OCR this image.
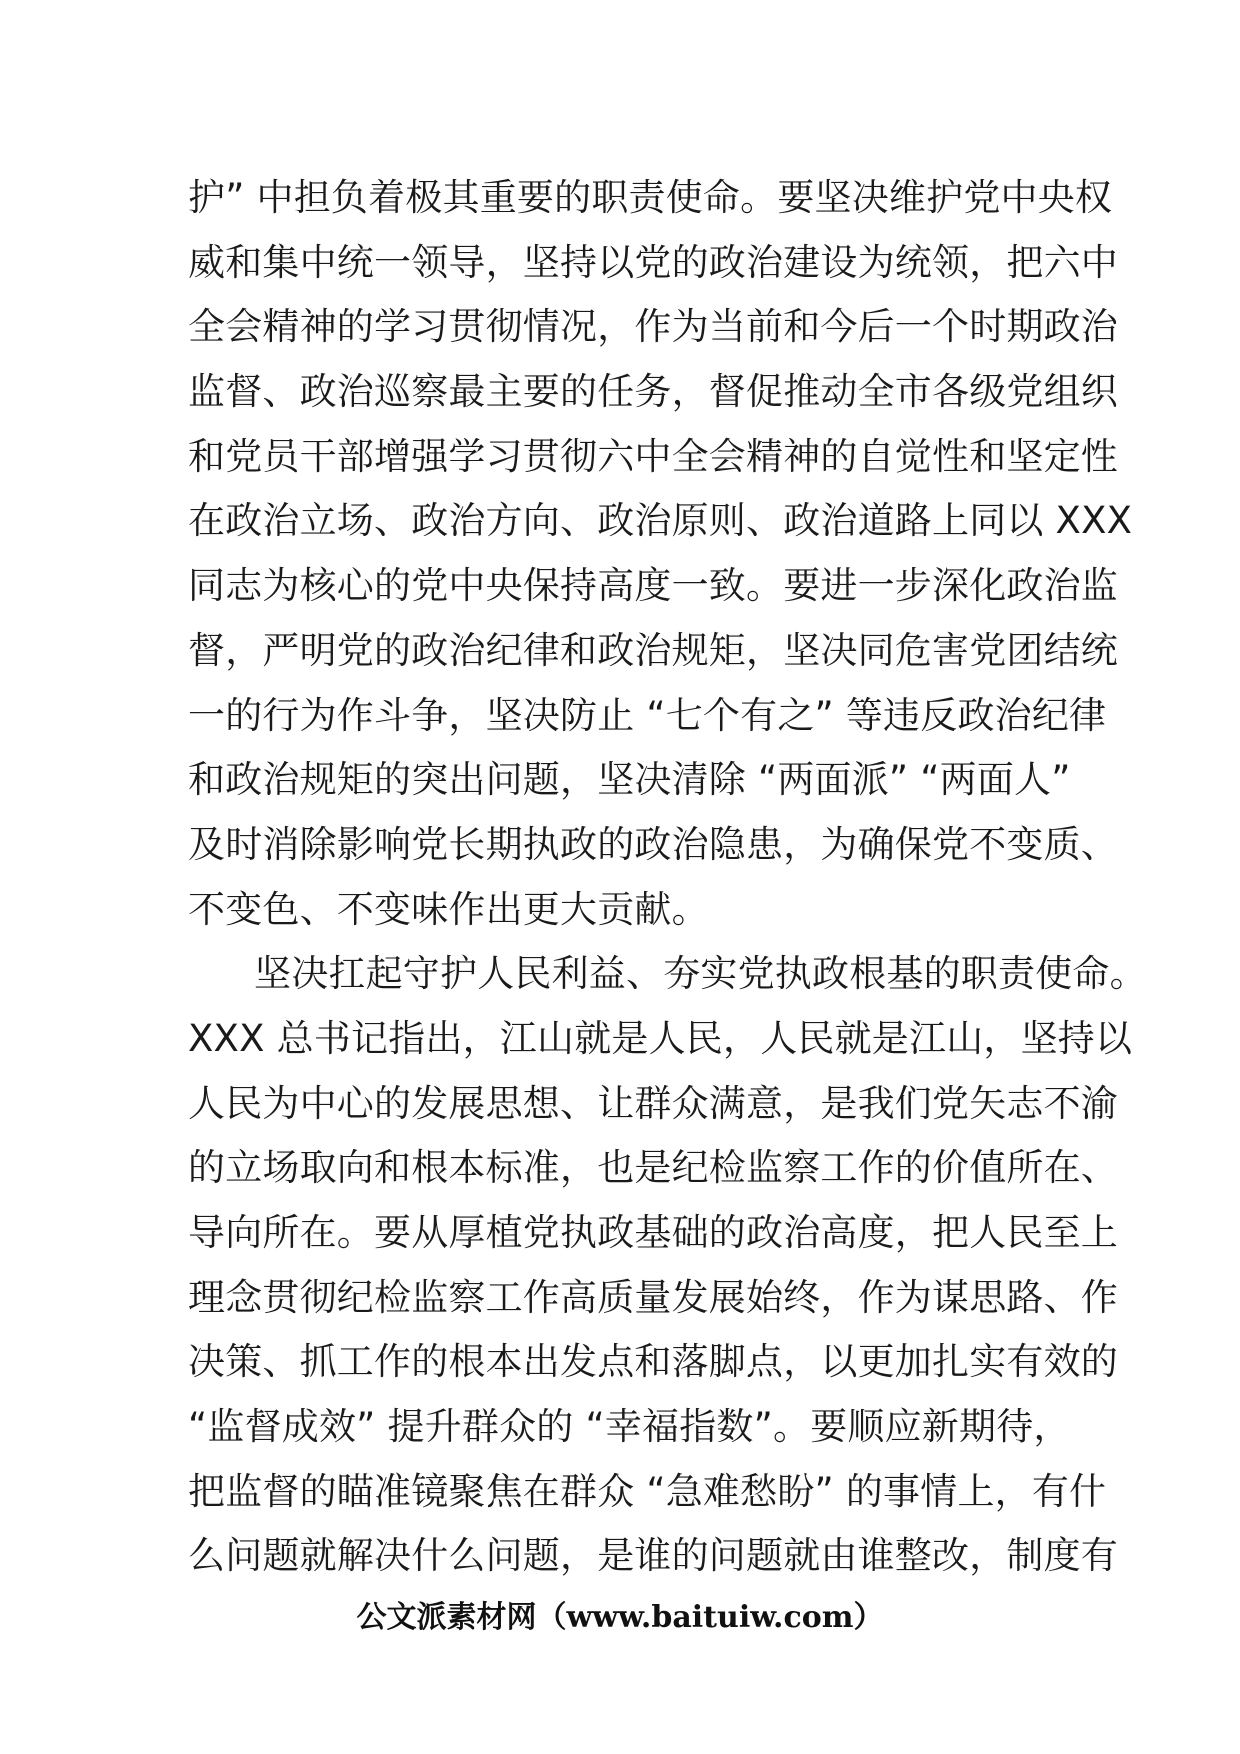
护” 中担负着极其重要的职责使命。要坚决维护党中央权
威和集中统一领导，坚持以党的政治建设为统领，把六中
全会精神的学习贯彻情况，作为当前和今后一个时期政治
监督、政治巡察最主要的任务，督促推动全市各级党组织
和党员干部增强学习贯彻六中全会精神的自觉性和坚定性
在政治立场、政治方向、政治原则、政治道路上同以 XXX
同志为核心的党中央保持高度一致。要进一步深化政治监
督，严明党的政治纪律和政治规矩，坚决同危害党团结统
一的行为作斗争，坚决防止 “七个有之” 等违反政治纪律
和政治规矩的突出问题，坚决清除 “两面派” “两面人”
及时消除影响党长期执政的政治隐患，为确保党不变质、
不变色、不变味作出更大贡献。
坚决扛起守护人民利益、夯实党执政根基的职责使命。
XXX 总书记指出，江山就是人民，人民就是江山，坚持以
人民为中心的发展思想、让群众满意，是我们党矢志不渝
的立场取向和根本标准，也是纪检监察工作的价值所在、
导向所在。要从厚植党执政基础的政治高度，把人民至上
理念贯彻纪检监察工作高质量发展始终，作为谋思路、作
决策、抓工作的根本出发点和落脚点，以更加扎实有效的
“监督成效” 提升群众的 “幸福指数”。要顺应新期待，
把监督的瞄准镜聚焦在群众 “急难愁盼” 的事情上，有什
么问题就解决什么问题，是谁的问题就由谁整改，制度有
公文派素材网（www.baituiw.com）
